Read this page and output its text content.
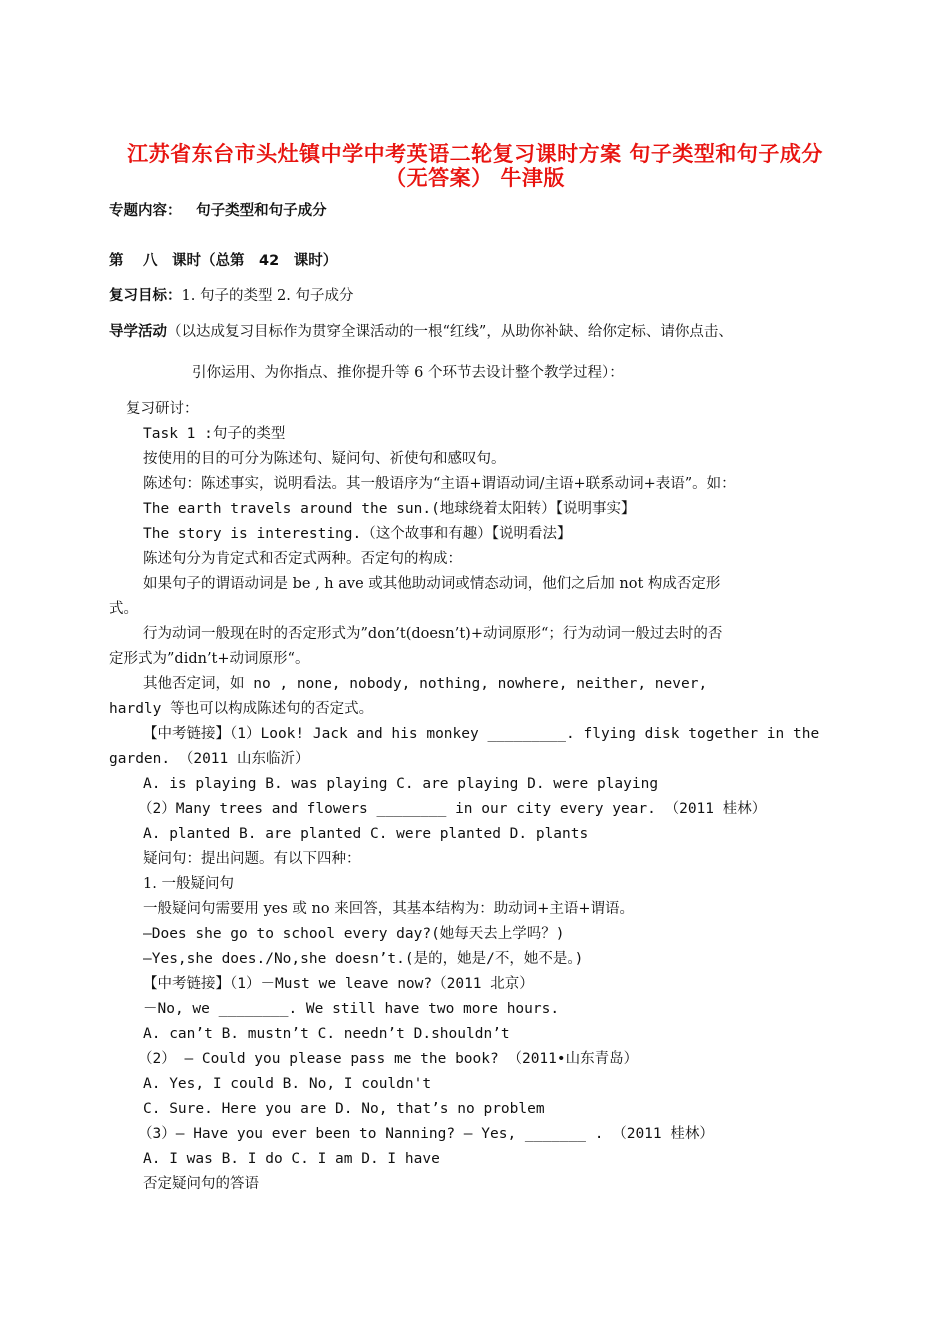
江苏省东台市头灶镇中学中考英语二轮复习课时方案 句子类型和句子成分
（无答案） 牛津版
专题内容： 句子类型和句子成分
第　 八　课时（总第　42　课时）
复习目标：1. 句子的类型 2. 句子成分
导学活动（以达成复习目标作为贯穿全课活动的一根“红线”，从助你补缺、给你定标、请你点击、
引你运用、为你指点、推你提升等 6 个环节去设计整个教学过程）：
复习研讨：
Task 1 :句子的类型
按使用的目的可分为陈述句、疑问句、祈使句和感叹句。
陈述句：陈述事实，说明看法。其一般语序为“主语+谓语动词/主语+联系动词+表语”。如：
The earth travels around the sun.(地球绕着太阳转）【说明事实】
The story is interesting.（这个故事和有趣）【说明看法】
陈述句分为肯定式和否定式两种。否定句的构成：
如果句子的谓语动词是 be , h ave 或其他助动词或情态动词，他们之后加 not 构成否定形
式。
行为动词一般现在时的否定形式为”don’t(doesn’t)+动词原形“；行为动词一般过去时的否
定形式为”didn’t+动词原形“。
其他否定词，如 no , none, nobody, nothing, nowhere, neither, never,
hardly 等也可以构成陈述句的否定式。
【中考链接】（1）Look! Jack and his monkey _________. flying disk together in the
garden. （2011 山东临沂）
A. is playing B. was playing C. are playing D. were playing
（2）Many trees and flowers ________ in our city every year. （2011 桂林）
A. planted B. are planted C. were planted D. plants
疑问句：提出问题。有以下四种：
1. 一般疑问句
一般疑问句需要用 yes 或 no 来回答，其基本结构为：助动词+主语+谓语。
—Does she go to school every day?(她每天去上学吗？)
—Yes,she does./No,she doesn’t.(是的，她是/不，她不是。)
【中考链接】（1）－Must we leave now?（2011 北京）
－No, we ________. We still have two more hours.
A. can’t B. mustn’t C. needn’t D.shouldn’t
（2） — Could you please pass me the book? （2011•山东青岛）
A. Yes, I could B. No, I couldn't
C. Sure. Here you are D. No, that’s no problem
（3）— Have you ever been to Nanning? — Yes, _______ . （2011 桂林）
A. I was B. I do C. I am D. I have
否定疑问句的答语
